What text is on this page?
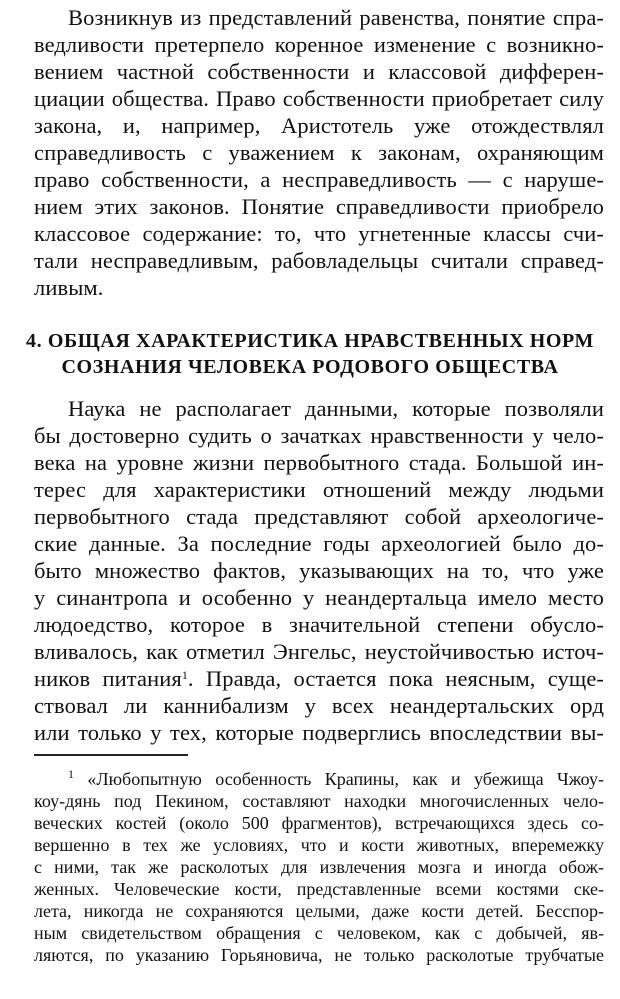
Возникнув из представлений равенства, понятие спра-
ведливости претерпело коренное изменение с возникно-
вением частной собственности и классовой дифферен-
циации общества. Право собственности приобретает силу
закона, и, например, Аристотель уже отождествлял
справедливость с уважением к законам, охраняющим
право собственности, а несправедливость — с наруше-
нием этих законов. Понятие справедливости приобрело
классовое содержание: то, что угнетенные классы счи-
тали несправедливым, рабовладельцы считали справед-
ливым.
4. ОБЩАЯ ХАРАКТЕРИСТИКА НРАВСТВЕННЫХ НОРМ
СОЗНАНИЯ ЧЕЛОВЕКА РОДОВОГО ОБЩЕСТВА
Наука не располагает данными, которые позволяли
бы достоверно судить о зачатках нравственности у чело-
века на уровне жизни первобытного стада. Большой ин-
терес для характеристики отношений между людьми
первобытного стада представляют собой археологиче-
ские данные. За последние годы археологией было до-
быто множество фактов, указывающих на то, что уже
у синантропа и особенно у неандертальца имело место
людоедство, которое в значительной степени обусло-
вливалось, как отметил Энгельс, неустойчивостью источ-
ников питания$^1$. Правда, остается пока неясным, суще-
ствовал ли каннибализм у всех неандертальских орд
или только у тех, которые подверглись впоследствии вы-
$^1$ «Любопытную особенность Крапины, как и убежища Чжоу-
коу-дянь под Пекином, составляют находки многочисленных чело-
веческих костей (около 500 фрагментов), встречающихся здесь со-
вершенно в тех же условиях, что и кости животных, вперемежку
с ними, так же расколотых для извлечения мозга и иногда обож-
женных. Человеческие кости, представленные всеми костями ске-
лета, никогда не сохраняются целыми, даже кости детей. Бесспор-
ным свидетельством обращения с человеком, как с добычей, яв-
ляются, по указанию Горьяновича, не только расколотые трубчатые
